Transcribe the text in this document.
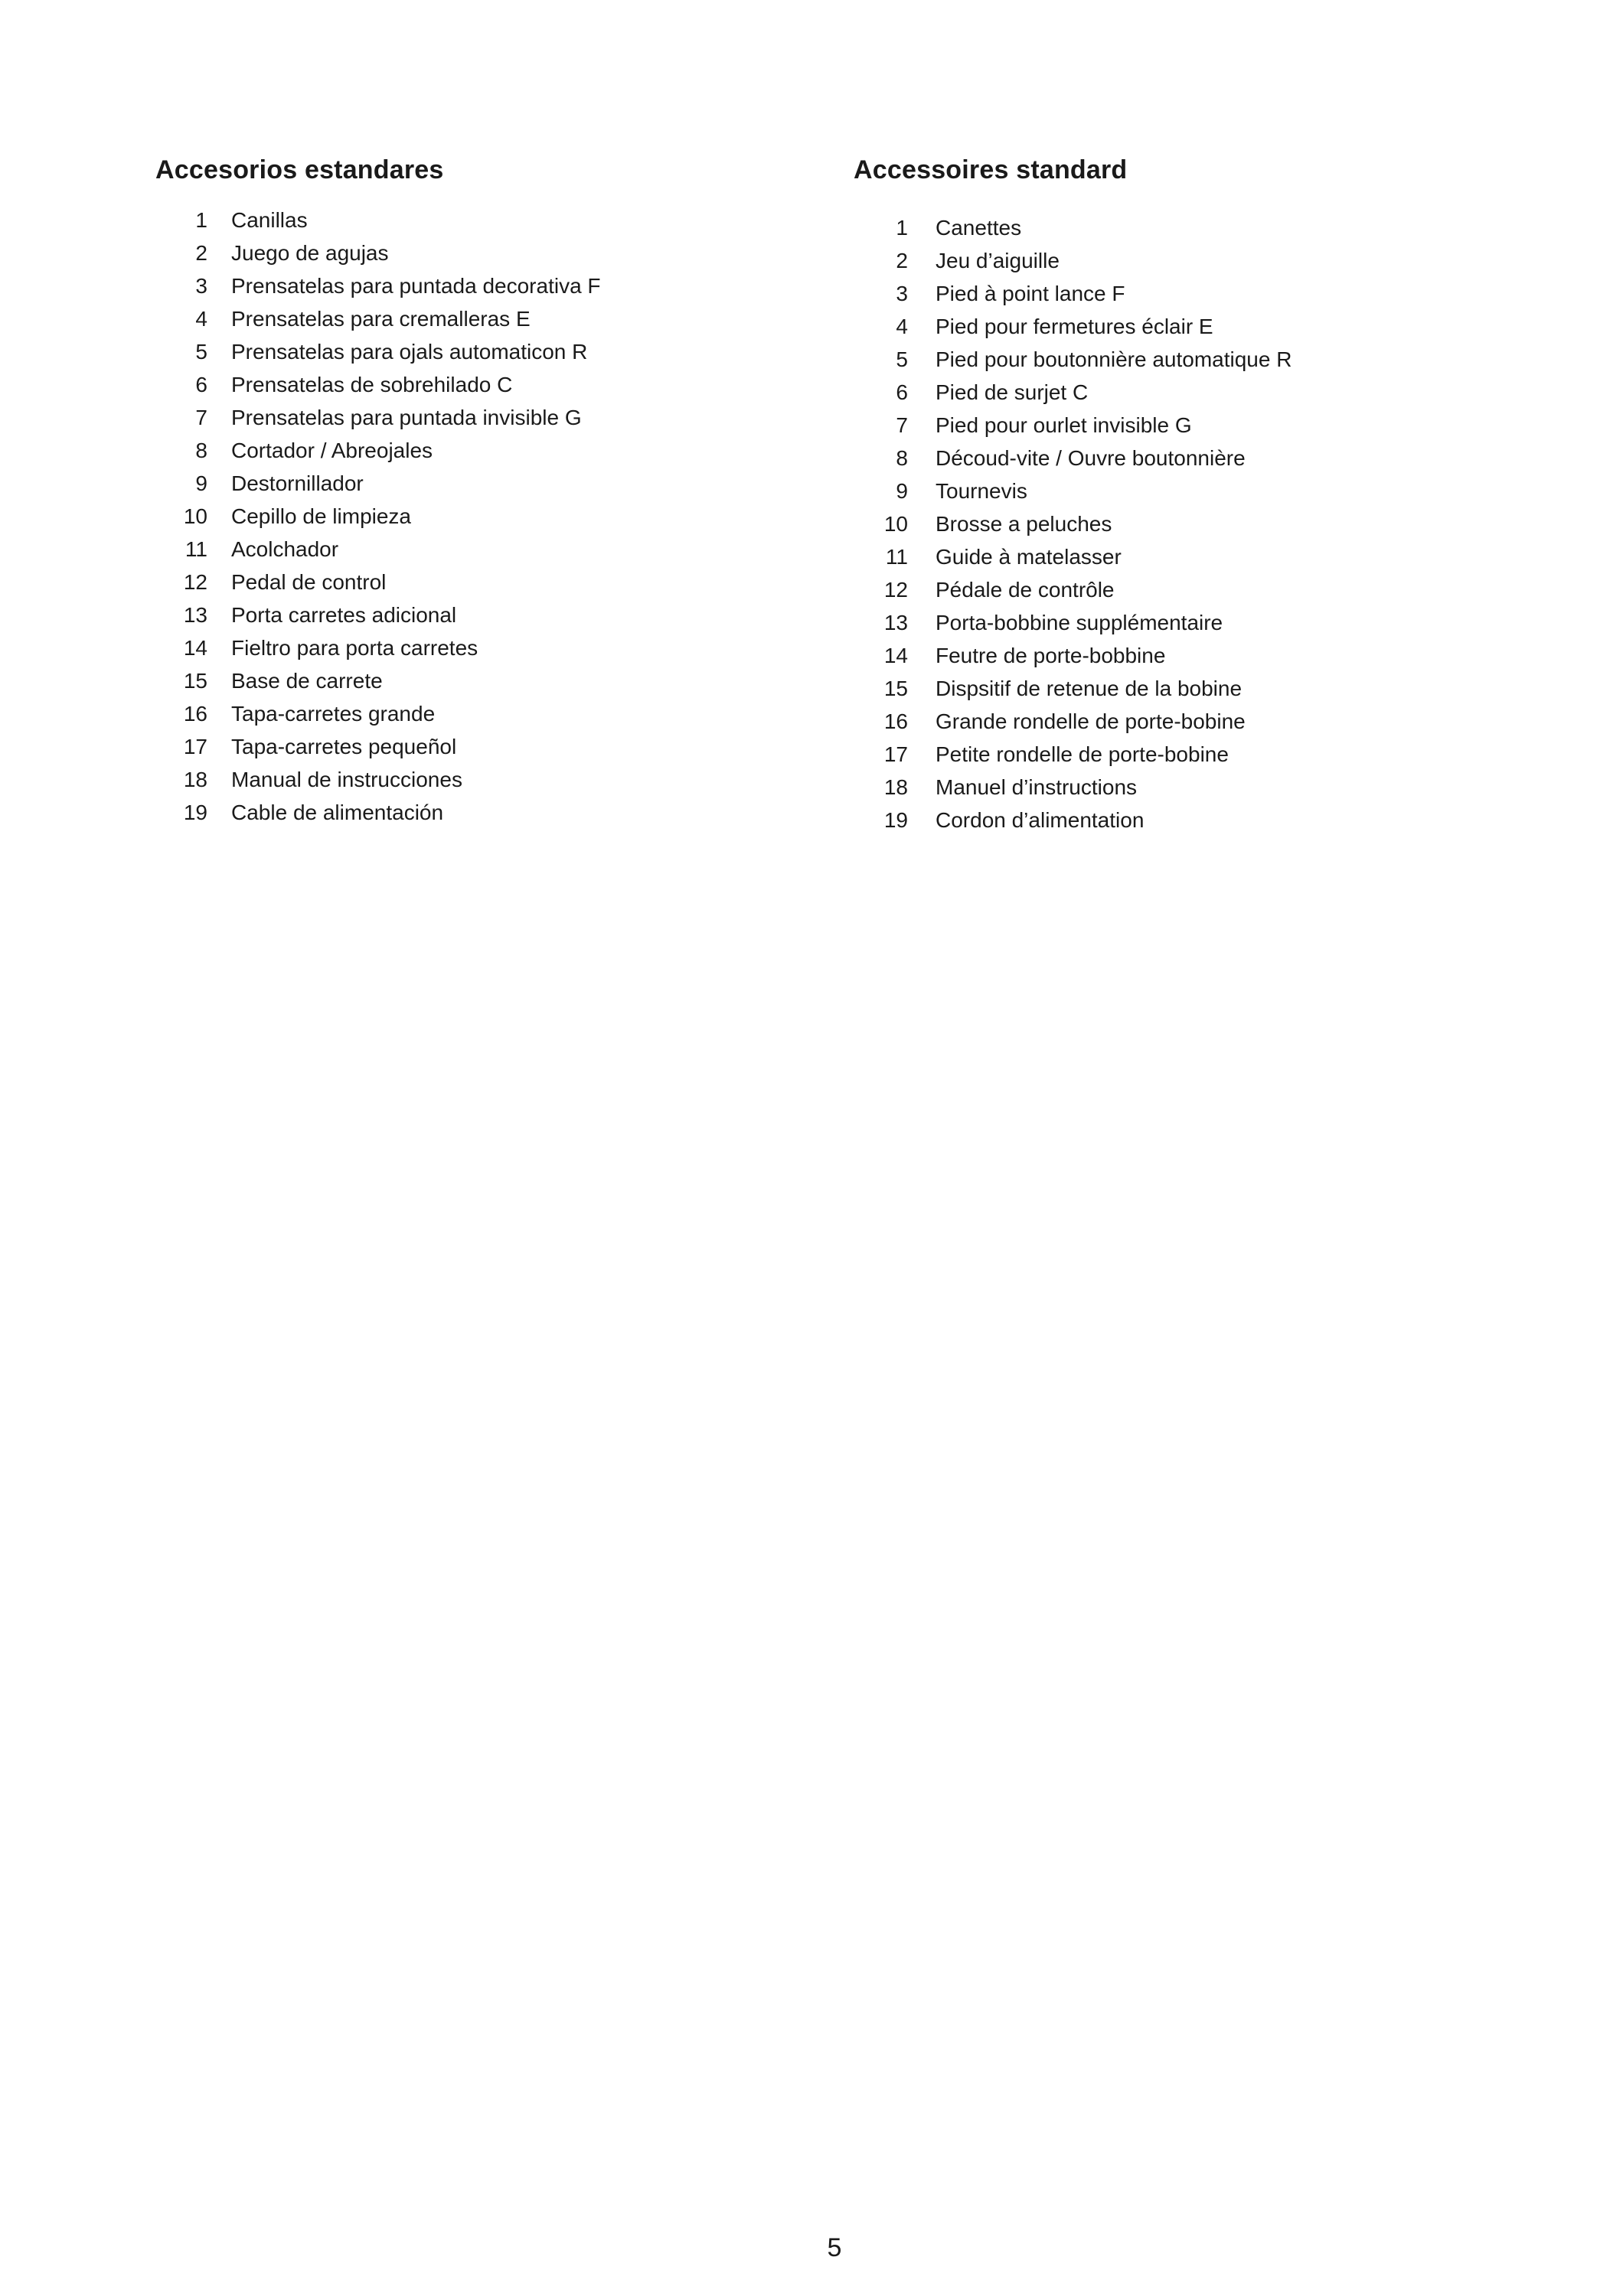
Accesorios estandares
1	Canillas
2	Juego de agujas
3	Prensatelas para puntada decorativa F
4	Prensatelas para cremalleras E
5	Prensatelas para ojals automaticon R
6	Prensatelas de sobrehilado C
7	Prensatelas para puntada invisible G
8	Cortador / Abreojales
9	Destornillador
10	Cepillo de limpieza
11	Acolchador
12	Pedal de control
13	Porta carretes adicional
14	Fieltro para porta carretes
15	Base de carrete
16	Tapa-carretes grande
17	Tapa-carretes pequeñol
18	Manual de instrucciones
19	Cable de alimentación
Accessoires standard
1	Canettes
2	Jeu d’aiguille
3	Pied à point lance F
4	Pied pour fermetures éclair E
5	Pied pour boutonnière automatique R
6	Pied de surjet C
7	Pied pour ourlet invisible G
8	Découd-vite / Ouvre boutonnière
9	Tournevis
10	Brosse a peluches
11	Guide à matelasser
12	Pédale de contrôle
13	Porta-bobbine supplémentaire
14	Feutre de porte-bobbine
15	Dispsitif de retenue de la bobine
16	Grande rondelle de porte-bobine
17	Petite rondelle de porte-bobine
18	Manuel d’instructions
19	Cordon d’alimentation
5
